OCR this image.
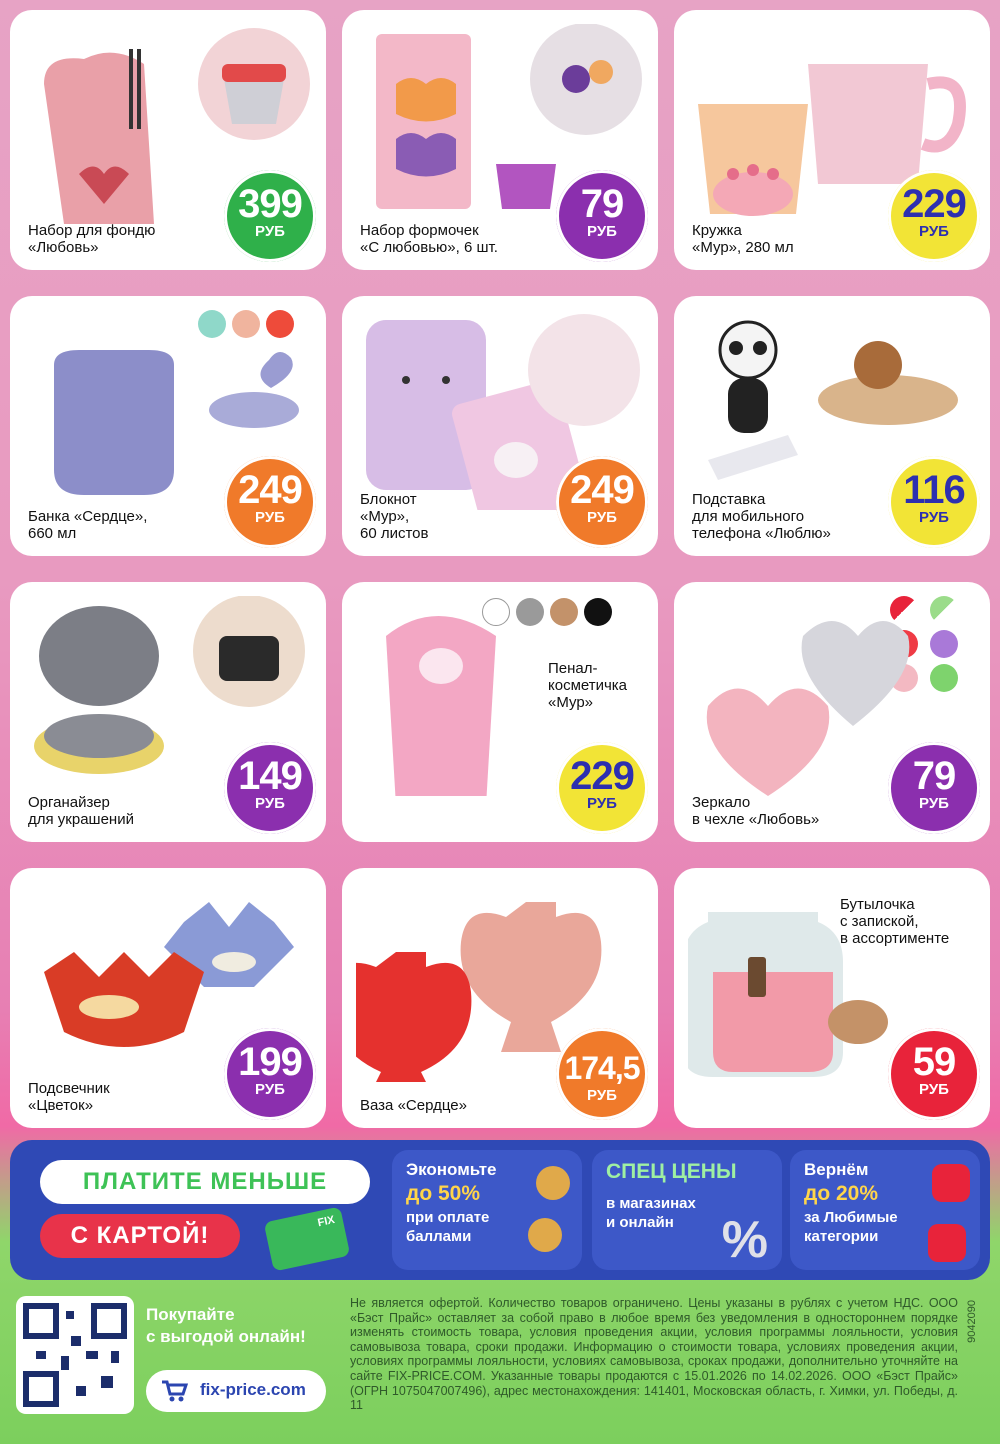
Набор для фондю
«Любовь»
399
РУБ	Набор формочек
«С любовью», 6 шт.
79
РУБ	Кружка
«Мур», 280 мл
229
РУБ
Банка «Сердце»,
660 мл
249
РУБ
Блокнот
«Мур»,
60 листов
249
РУБ
Подставка
для мобильного
телефона «Люблю»
116
РУБ
Органайзер
для украшений
149
РУБ
Пенал-
косметичка
«Мур»
229
РУБ	Зеркало
в чехле «Любовь»
79
РУБ
Подсвечник
«Цветок»
199
РУБ
Ваза «Сердце»
174,5
РУБ
Бутылочка
с запиской,
в ассортименте
59
РУБ
ПЛАТИТЕ МЕНЬШЕ
С КАРТОЙ!
FIX
Экономьте
до 50%
при оплате
баллами
СПЕЦ ЦЕНЫ
в магазинах
и онлайн %
Вернём
до 20%
за Любимые
категории
Покупайте
с выгодой онлайн!
fix-price.com
Не является офертой. Количество товаров ограничено. Цены указаны в рублях с учетом НДС. ООО «Бэст Прайс» оставляет за собой право в любое время без уведомления в одностороннем порядке изменять стоимость товара, условия проведения акции, условия программы лояльности, условия самовывоза товара, сроки продажи. Информацию о стоимости товара, условиях проведения акции, условиях программы лояльности, условиях самовывоза, сроках продажи, дополнительно уточняйте на сайте FIX-PRICE.COM. Указанные товары продаются с 15.01.2026 по 14.02.2026. ООО «Бэст Прайс» (ОГРН 1075047007496), адрес местонахождения: 141401, Московская область, г. Химки, ул. Победы, д. 11
9042090
